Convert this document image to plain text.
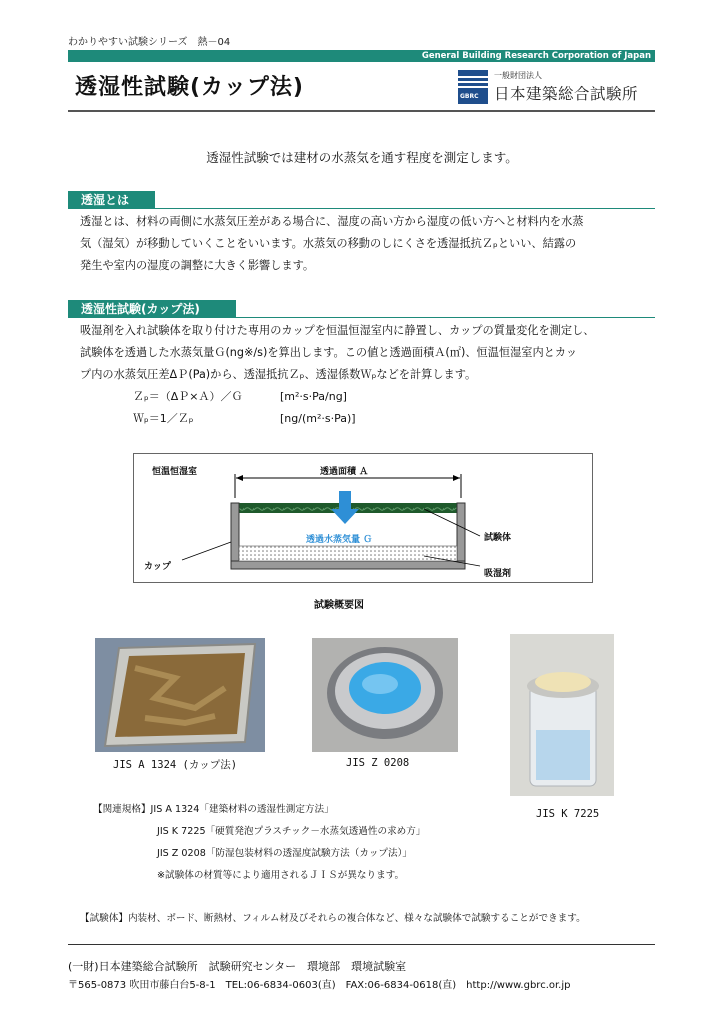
わかりやすい試験シリーズ　熱－04
General Building Research Corporation of Japan
透湿性試験(カップ法)	GBRC
一般財団法人
日本建築総合試験所
透湿性試験では建材の水蒸気を通す程度を測定します。
透湿とは
透湿とは、材料の両側に水蒸気圧差がある場合に、湿度の高い方から湿度の低い方へと材料内を水蒸
気（湿気）が移動していくことをいいます。水蒸気の移動のしにくさを透湿抵抗Ｚₚといい、結露の
発生や室内の湿度の調整に大きく影響します。
透湿性試験(カップ法)
吸湿剤を入れ試験体を取り付けた専用のカップを恒温恒湿室内に静置し、カップの質量変化を測定し、
試験体を透過した水蒸気量Ｇ(ng※/s)を算出します。この値と透過面積Ａ(㎡)、恒温恒湿室内とカッ
プ内の水蒸気圧差ΔＰ(Pa)から、透湿抵抗Ｚₚ、透湿係数Ｗₚなどを計算します。
Ｚₚ＝（ΔＰ×Ａ）／Ｇ	[m²·s·Pa/ng]
Ｗₚ＝1／Ｚₚ	[ng/(m²·s·Pa)]
恒温恒湿室	透過面積 Ａ
透過水蒸気量 Ｇ	試験体
カップ
吸湿剤
試験概要図
JIS A 1324 (カップ法)	JIS Z 0208
JIS K 7225
【関連規格】JIS A 1324「建築材料の透湿性測定方法」
JIS K 7225「硬質発泡プラスチック－水蒸気透過性の求め方」
JIS Z 0208「防湿包装材料の透湿度試験方法（カップ法）」
※試験体の材質等により適用されるＪＩＳが異なります。
【試験体】内装材、ボード、断熱材、フィルム材及びそれらの複合体など、様々な試験体で試験することができます。
(一財)日本建築総合試験所　試験研究センター　環境部　環境試験室
〒565-0873 吹田市藤白台5-8-1　TEL:06-6834-0603(直)　FAX:06-6834-0618(直)　http://www.gbrc.or.jp
